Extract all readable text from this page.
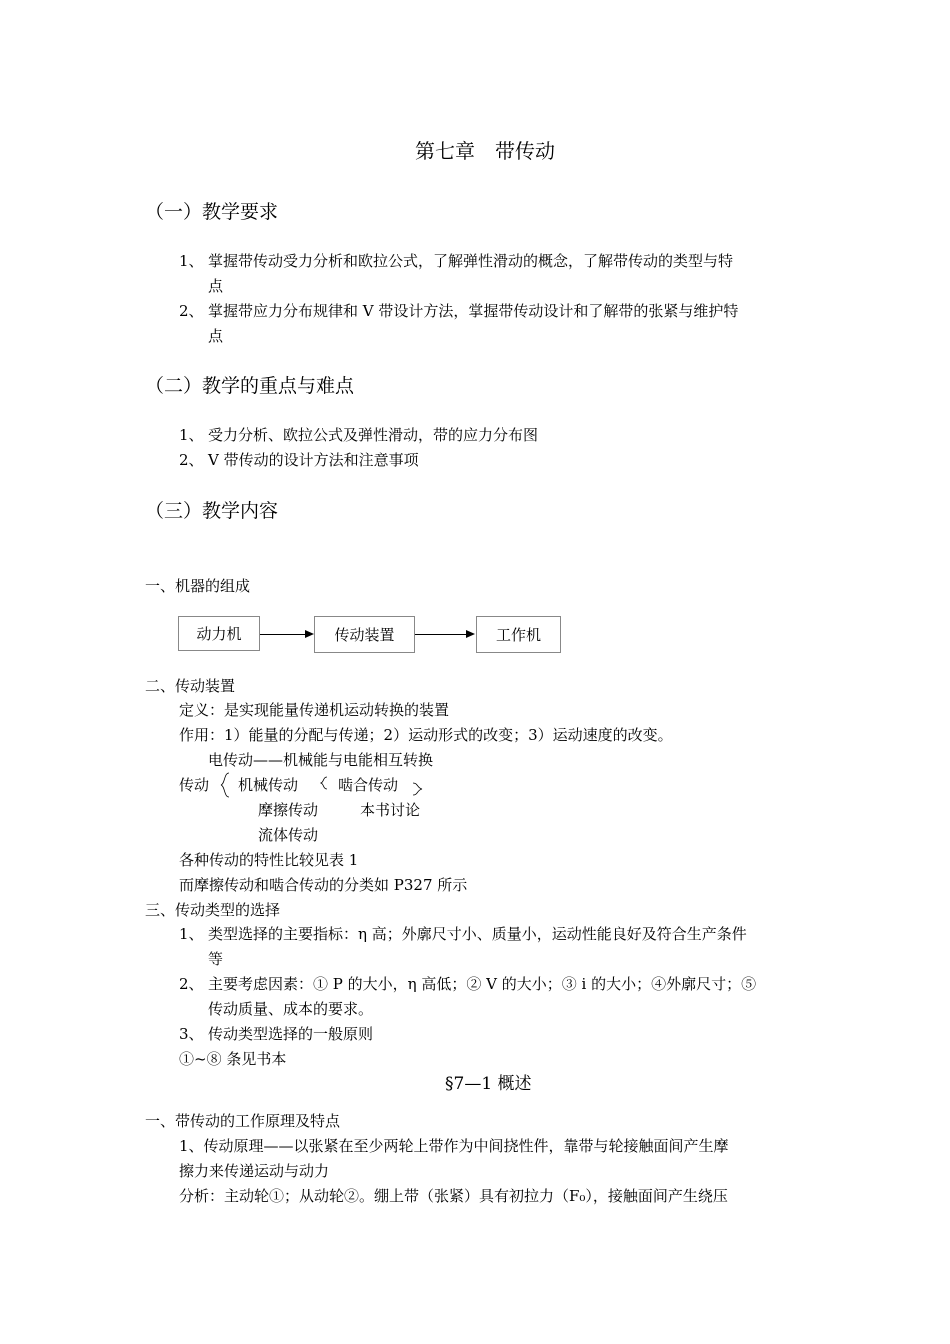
第七章　带传动
（一）教学要求
1、 掌握带传动受力分析和欧拉公式，了解弹性滑动的概念，了解带传动的类型与特
点
2、 掌握带应力分布规律和 V 带设计方法，掌握带传动设计和了解带的张紧与维护特
点
（二）教学的重点与难点
1、 受力分析、欧拉公式及弹性滑动，带的应力分布图
2、 V 带传动的设计方法和注意事项
（三）教学内容
一、机器的组成
动力机	传动装置	工作机
二、传动装置
定义：是实现能量传递机运动转换的装置
作用：1）能量的分配与传递；2）运动形式的改变；3）运动速度的改变。
电传动——机械能与电能相互转换
传动 机械传动	啮合传动
摩擦传动	本书讨论
流体传动
各种传动的特性比较见表 1
而摩擦传动和啮合传动的分类如 P327 所示
三、传动类型的选择
1、 类型选择的主要指标：η 高；外廓尺寸小、质量小，运动性能良好及符合生产条件
等
2、 主要考虑因素：① P 的大小，η 高低；② V 的大小；③ i 的大小；④外廓尺寸；⑤
传动质量、成本的要求。
3、 传动类型选择的一般原则
①~⑧ 条见书本
§7—1 概述
一、带传动的工作原理及特点
1、传动原理——以张紧在至少两轮上带作为中间挠性件，靠带与轮接触面间产生摩
擦力来传递运动与动力
分析：主动轮①；从动轮②。绷上带（张紧）具有初拉力（F₀），接触面间产生绕压
